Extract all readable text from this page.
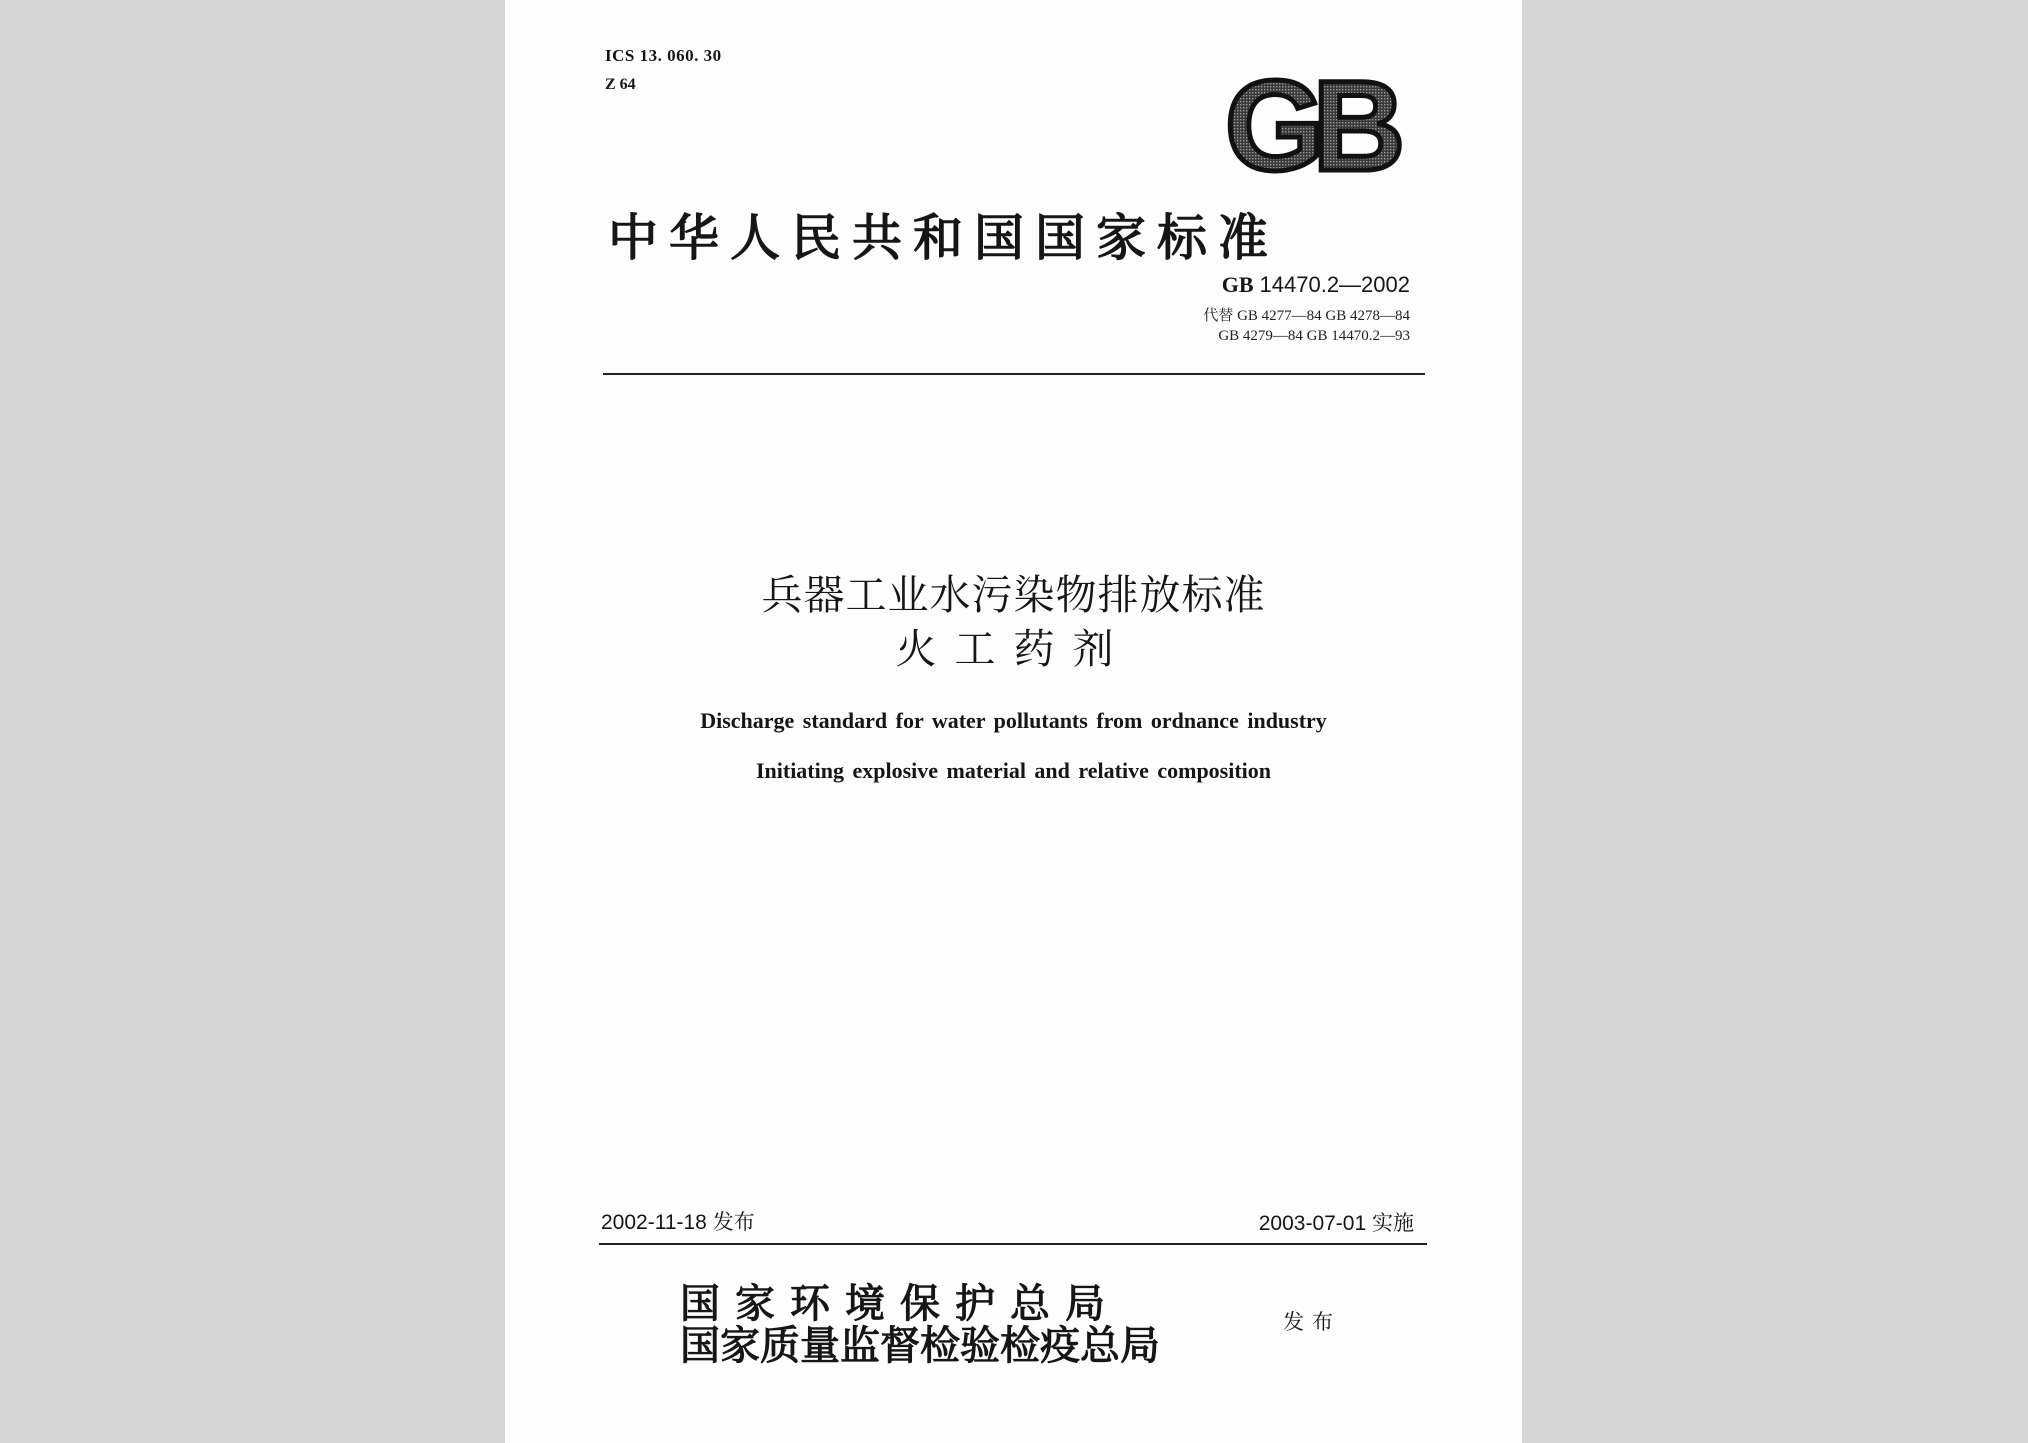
ICS 13. 060. 30
Z 64	GB
中华人民共和国国家标准
GB 14470.2—2002
代替 GB 4277—84 GB 4278—84
GB 4279—84 GB 14470.2—93
兵器工业水污染物排放标准
火工药剂
Discharge standard for water pollutants from ordnance industry
Initiating explosive material and relative composition
2002-11-18 发布	2003-07-01 实施
国家环境保护总局
国家质量监督检验检疫总局
发布
